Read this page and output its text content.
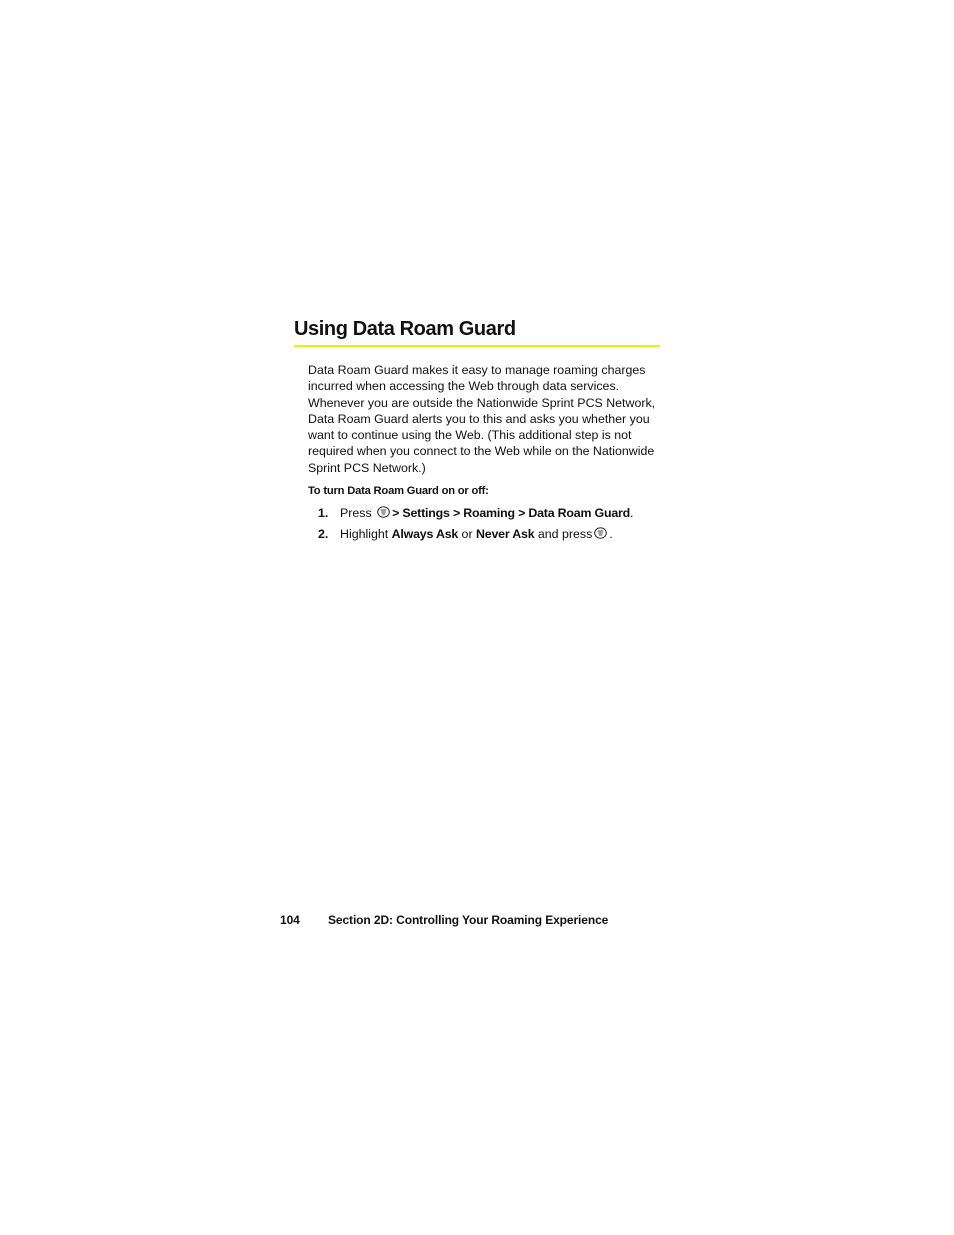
Using Data Roam Guard

Data Roam Guard makes it easy to manage roaming charges incurred when accessing the Web through data services. Whenever you are outside the Nationwide Sprint PCS Network, Data Roam Guard alerts you to this and asks you whether you want to continue using the Web. (This additional step is not required when you connect to the Web while on the Nationwide Sprint PCS Network.)

To turn Data Roam Guard on or off:

1. Press > Settings > Roaming > Data Roam Guard.
2. Highlight Always Ask or Never Ask and press .
104 Section 2D: Controlling Your Roaming Experience
